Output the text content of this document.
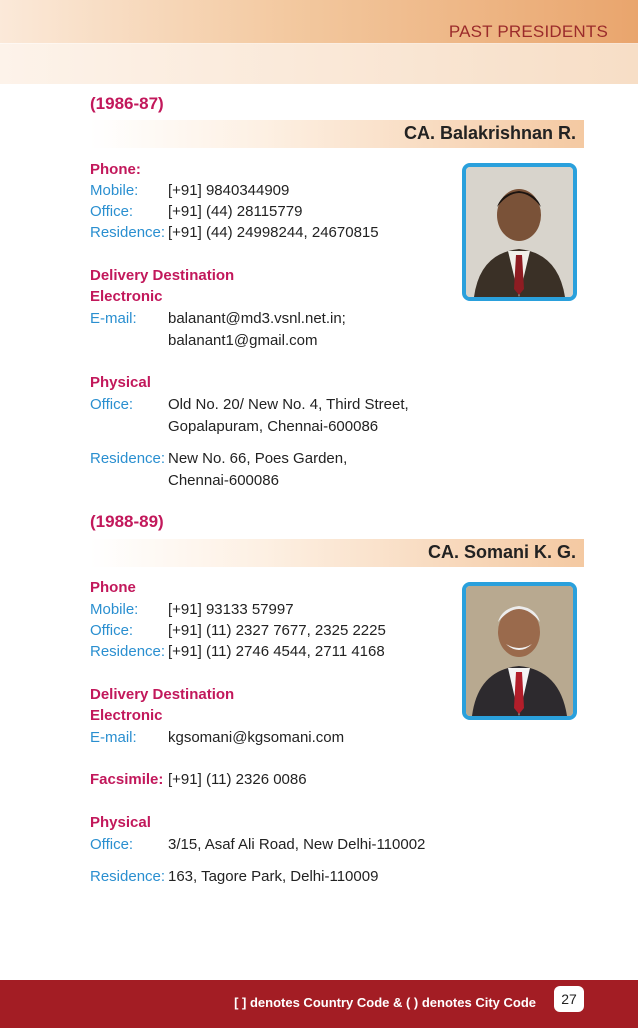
PAST PRESIDENTS
(1986-87)
CA. Balakrishnan R.
Phone:
Mobile: [+91] 9840344909
Office: [+91] (44) 28115779
Residence: [+91] (44) 24998244, 24670815
Delivery Destination
Electronic
E-mail: balanant@md3.vsnl.net.in;
balanant1@gmail.com
Physical
Office: Old No. 20/ New No. 4, Third Street,
Gopalapuram, Chennai-600086
Residence: New No. 66, Poes Garden,
Chennai-600086
(1988-89)
CA. Somani K. G.
Phone
Mobile: [+91] 93133 57997
Office: [+91] (11) 2327 7677, 2325 2225
Residence: [+91] (11) 2746 4544, 2711 4168
Delivery Destination
Electronic
E-mail: kgsomani@kgsomani.com
Facsimile: [+91] (11) 2326 0086
Physical
Office: 3/15, Asaf Ali Road, New Delhi-110002
Residence: 163, Tagore Park, Delhi-110009
[ ] denotes Country Code & ( ) denotes City Code	27
